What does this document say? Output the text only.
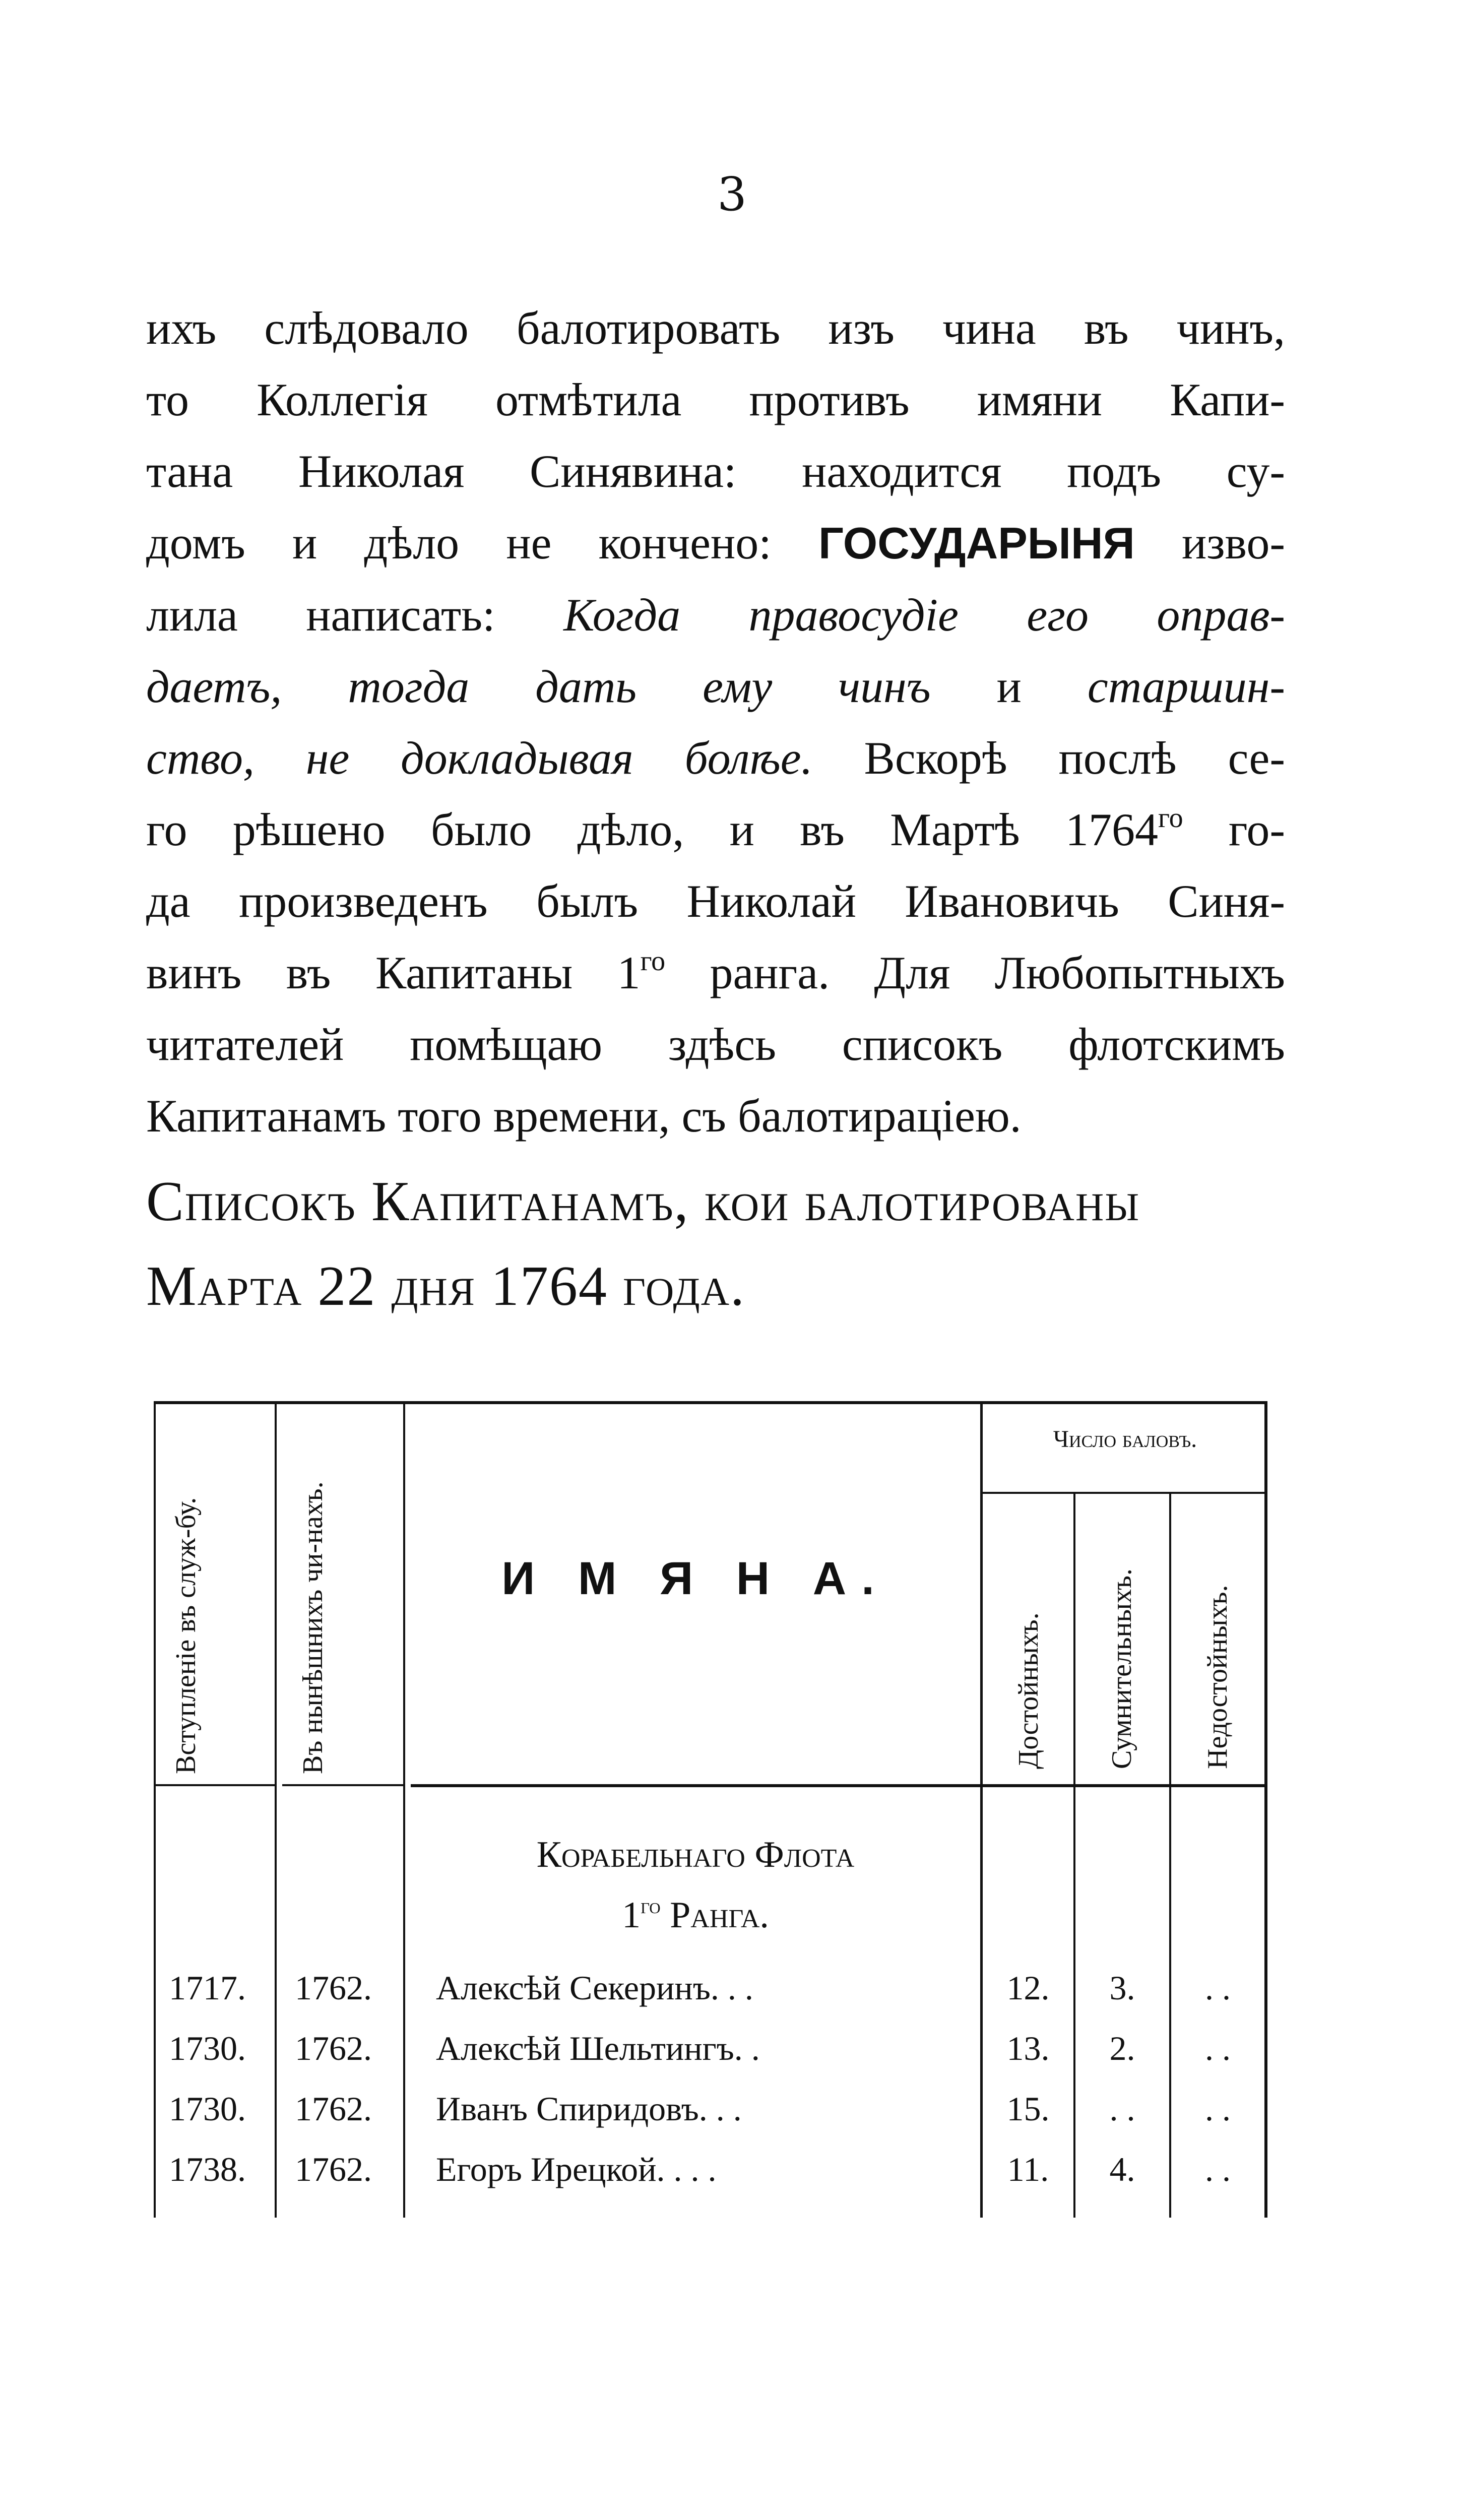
3
ихъ слѣдовало балотировать изъ чина въ чинъ,
то Коллегія отмѣтила противъ имяни Капи-
тана Николая Синявина: находится подъ су-
домъ и дѣло не кончено: ГОСУДАРЫНЯ изво-
лила написать: Когда правосудіе его оправ-
даетъ, тогда дать ему чинъ и старшин-
ство, не докладывая болѣе. Вскорѣ послѣ се-
го рѣшено было дѣло, и въ Мартѣ $1764^{го}$ го-
да произведенъ былъ Николай Ивановичь Синя-
винъ въ Капитаны $1^{го}$ ранга. Для Любопытныхъ
читателей помѣщаю здѣсь списокъ флотскимъ
Капитанамъ того времени, съ балотираціею.
Списокъ Капитанамъ, кои балотированы
Марта 22 дня 1764 года.
Вступленіе въ служ-бу.	Въ нынѣшнихъ чи-нахъ.	И М Я Н А.
Число баловъ.
Достойныхъ. Сумнительныхъ. Недостойныхъ.
Корабельнаго Флота
$1^{го}$ Ранга.
1717. 1762. Алексѣй Секеринъ. . .	12.	3.	. .
1730. 1762. Алексѣй Шельтингъ. .	13.	2.	. .
1730. 1762. Иванъ Спиридовъ. . .	15.	. .	. .
1738. 1762. Егоръ Ирецкой. . . .	11.	4.	. .
